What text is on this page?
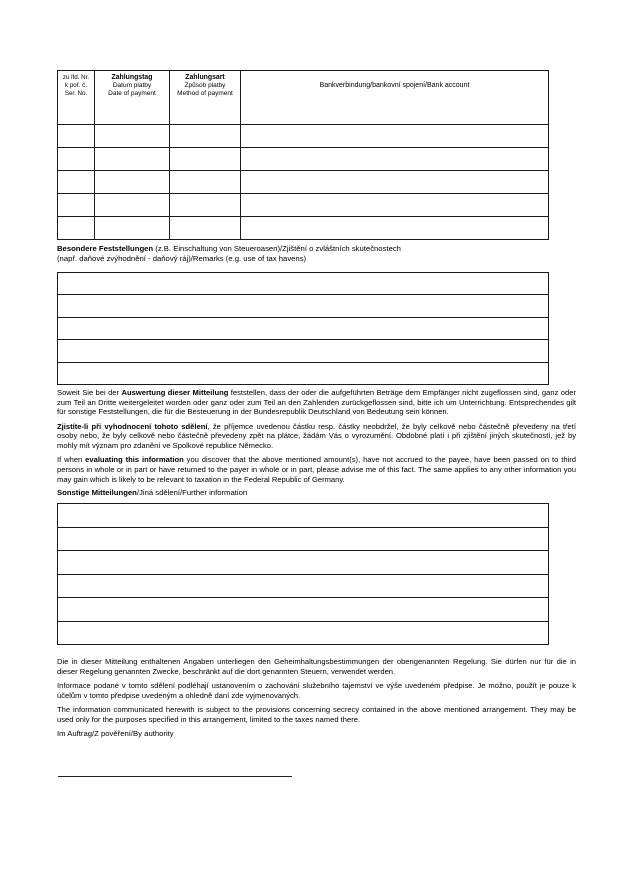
zu lfd. Nr.
k poř. č.
Ser. No.
Zahlungstag
Datum platby
Date of payment
Zahlungsart
Způsob platby
Method of payment
Bankverbindung/bankovní spojení/Bank account
Besondere Feststellungen (z.B. Einschaltung von Steueroasen)/Zjištění o zvláštních skutečnostech
(např. daňové zvýhodnění - daňový ráj)/Remarks (e.g. use of tax havens)

Soweit Sie bei der Auswertung dieser Mitteilung feststellen, dass der oder die aufgeführten Beträge dem Empfänger nicht zugeflossen sind, ganz oder zum Teil an Dritte weitergeleitet worden oder ganz oder zum Teil an den Zahlenden zurückgeflossen sind, bitte ich um Unterrichtung. Entsprechendes gilt für sonstige Feststellungen, die für die Besteuerung in der Bundesrepublik Deutschland von Bedeutung sein können.

Zjistíte-li při vyhodnocení tohoto sdělení, že příjemce uvedenou částku resp. částky neobdržel, že byly celkově nebo částečně převedeny na třetí osoby nebo, že byly celkově nebo částečně převedeny zpět na plátce, žádám Vás o vyrozumění. Obdobné platí i při zjištění jiných skutečností, jež by mohly mít význam pro zdanění ve Spolkové republice Německo.

If when evaluating this information you discover that the above mentioned amount(s), have not accrued to the payee, have been passed on to third persons in whole or in part or have returned to the payer in whole or in part, please advise me of this fact. The same applies to any other information you may gain which is likely to be relevant to taxation in the Federal Republic of Germany.

Sonstige Mitteilungen/Jiná sdělení/Further information

Die in dieser Mitteilung enthaltenen Angaben unterliegen den Geheimhaltungsbestimmungen der obengenannten Regelung. Sie dürfen nur für die in dieser Regelung genannten Zwecke, beschränkt auf die dort genannten Steuern, verwendet werden.

Informace podané v tomto sdělení podléhají ustanovením o zachování služebního tajemství ve výše uvedeném předpise. Je možno, použít je pouze k účelům v tomto předpise uvedeným a ohledně daní zde vyjmenovaných.

The information communicated herewith is subject to the provisions concerning secrecy contained in the above mentioned arrangement. They may be used only for the purposes specified in this arrangement, limited to the taxes named there.

Im Auftrag/Z pověření/By authority
